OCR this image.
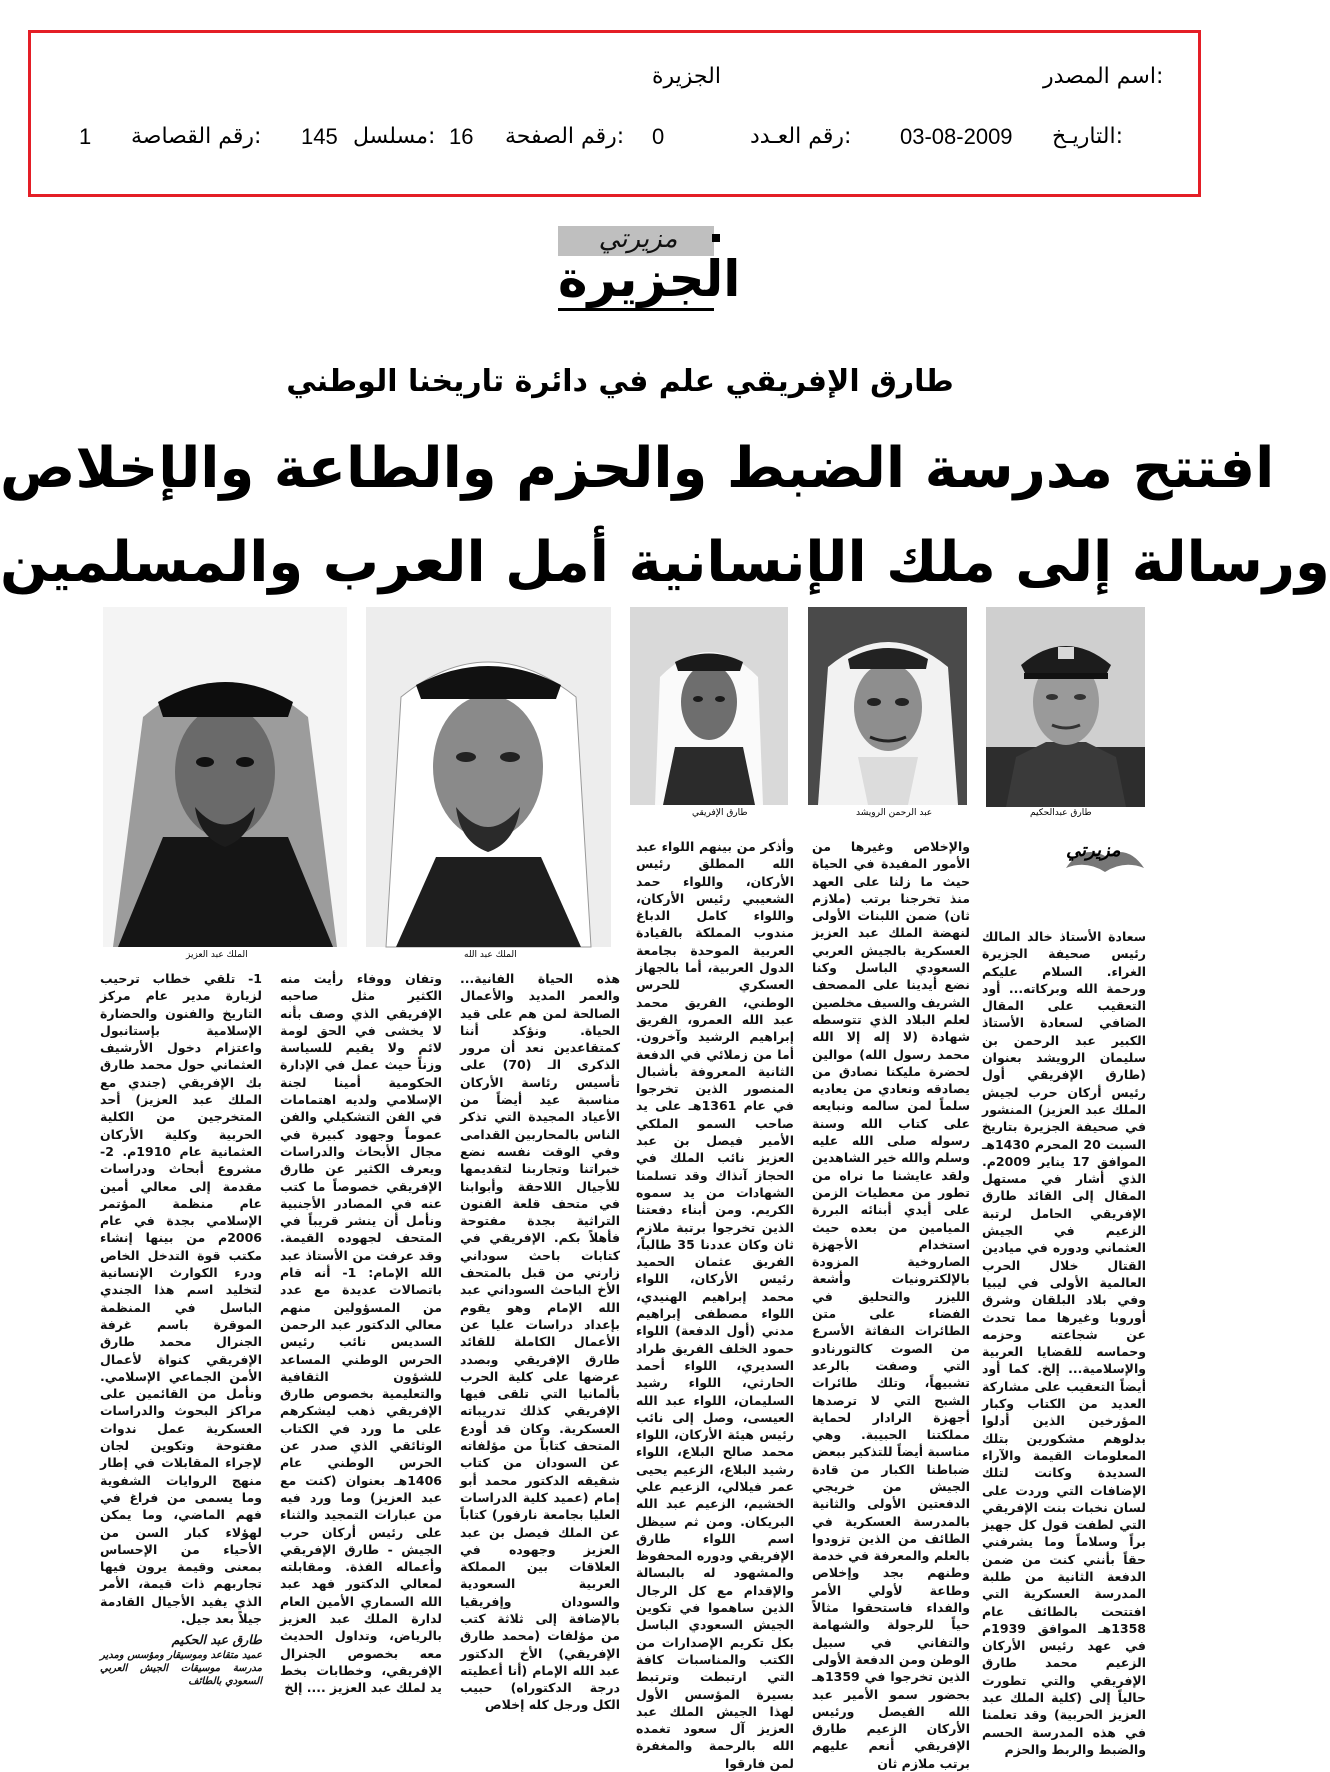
اسم المصدر:
الجزيرة
التاريـخ:
03-08-2009
رقم العـدد:
0
رقم الصفحة:
16
مسلسل:
145
رقم القصاصة:
1
مزيرتي
الجزيرة
طارق الإفريقي علم في دائرة تاريخنا الوطني
افتتح مدرسة الضبط والحزم والطاعة والإخلاص
ورسالة إلى ملك الإنسانية أمل العرب والمسلمين
طارق عبدالحكيم
عبد الرحمن الرويشد
طارق الإفريقي
الملك عبد الله
الملك عبد العزيز
مزيرتي

سعادة الأستاذ خالد المالك رئيس صحيفة الجزيرة الغراء. السلام عليكم ورحمة الله وبركاته... أود التعقيب على المقال الضافي لسعادة الأستاذ الكبير عبد الرحمن بن سليمان الرويشد بعنوان (طارق الإفريقي أول رئيس أركان حرب لجيش الملك عبد العزيز) المنشور في صحيفة الجزيرة بتاريخ السبت 20 المحرم 1430هـ الموافق 17 يناير 2009م. الذي أشار في مستهل المقال إلى القائد طارق الإفريقي الحامل لرتبة الزعيم في الجيش العثماني ودوره في ميادين القتال خلال الحرب العالمية الأولى في ليبيا وفي بلاد البلقان وشرق أوروبا وغيرها مما تحدث عن شجاعته وحزمه وحماسه للقضايا العربية والإسلامية... إلخ. كما أود أيضاً التعقيب على مشاركة العديد من الكتاب وكبار المؤرخين الذين أدلوا بدلوهم مشكورين بتلك المعلومات القيمة والآراء السديدة وكانت لتلك الإضافات التي وردت على لسان نخبات بنت الإفريقي التي لطفت قول كل جهيز براً وسلاماً وما يشرفني حقاً بأنني كنت من ضمن الدفعة الثانية من طلبة المدرسة العسكرية التي افتتحت بالطائف عام 1358هـ الموافق 1939م في عهد رئيس الأركان الزعيم محمد طارق الإفريقي والتي تطورت حالياً إلى (كلية الملك عبد العزيز الحربية) وقد تعلمنا في هذه المدرسة الحسم والضبط والربط والحزم

والإخلاص وغيرها من الأمور المفيدة في الحياة حيث ما زلنا على العهد منذ تخرجنا برتب (ملازم ثان) ضمن اللبنات الأولى لنهضة الملك عبد العزيز العسكرية بالجيش العربي السعودي الباسل وكنا نضع أيدينا على المصحف الشريف والسيف مخلصين لعلم البلاد الذي تتوسطه شهادة (لا إله إلا الله محمد رسول الله) موالين لحضرة مليكنا نصادق من يصادقه ونعادي من يعاديه سلماً لمن سالمه ونبايعه على كتاب الله وسنة رسوله صلى الله عليه وسلم والله خير الشاهدين ولقد عايشنا ما نراه من تطور من معطيات الزمن على أيدي أبنائه البررة الميامين من بعده حيث استخدام الأجهزة الصاروخية المزودة بالإلكترونيات وأشعة الليزر والتحليق في الفضاء على متن الطائرات النفاثة الأسرع من الصوت كالتورنادو التي وصفت بالرعد تشبيهاً، وتلك طائرات الشبح التي لا ترصدها أجهزة الرادار لحماية مملكتنا الحبيبة. وهي مناسبة أيضاً للتذكير ببعض ضباطنا الكبار من قادة الجيش من خريجي الدفعتين الأولى والثانية بالمدرسة العسكرية في الطائف من الذين تزودوا بالعلم والمعرفة في خدمة وطنهم بجد وإخلاص وطاعة لأولي الأمر والفداء فاستحقوا مثالاً حياً للرجولة والشهامة والتفاني في سبيل الوطن ومن الدفعة الأولى الذين تخرجوا في 1359هـ بحضور سمو الأمير عبد الله الفيصل ورئيس الأركان الزعيم طارق الإفريقي أنعم عليهم برتب ملازم ثان

وأذكر من بينهم اللواء عبد الله المطلق رئيس الأركان، واللواء حمد الشعيبي رئيس الأركان، واللواء كامل الدباغ مندوب المملكة بالقيادة العربية الموحدة بجامعة الدول العربية، أما بالجهاز العسكري للحرس الوطني، الفريق محمد عبد الله العمرو، الفريق إبراهيم الرشيد وآخرون. أما من زملائي في الدفعة الثانية المعروفة بأشبال المنصور الذين تخرجوا في عام 1361هـ على يد صاحب السمو الملكي الأمير فيصل بن عبد العزيز نائب الملك في الحجاز آنذاك وقد تسلمنا الشهادات من يد سموه الكريم. ومن أبناء دفعتنا الذين تخرجوا برتبة ملازم ثان وكان عددنا 35 طالباً، الفريق عثمان الحميد رئيس الأركان، اللواء محمد إبراهيم الهنيدي، اللواء مصطفى إبراهيم مدني (أول الدفعة) اللواء حمود الخلف الفريق طراد السديري، اللواء أحمد الحارثي، اللواء رشيد السليمان، اللواء عبد الله العيسى، وصل إلى نائب رئيس هيئة الأركان، اللواء محمد صالح البلاع، اللواء رشيد البلاع، الزعيم يحيى عمر فيلالي، الزعيم علي الخشيم، الزعيم عبد الله البريكان. ومن ثم سيظل اسم اللواء طارق الإفريقي ودوره المحفوظ والمشهود له بالبسالة والإقدام مع كل الرجال الذين ساهموا في تكوين الجيش السعودي الباسل بكل تكريم الإصدارات من الكتب والمناسبات كافة التي ارتبطت وترتبط بسيرة المؤسس الأول لهذا الجيش الملك عبد العزيز آل سعود تغمده الله بالرحمة والمغفرة لمن فارقوا

هذه الحياة الفانية... والعمر المديد والأعمال الصالحة لمن هم على قيد الحياة. ونؤكد أننا كمتقاعدين نعد أن مرور الذكرى الـ (70) على تأسيس رئاسة الأركان مناسبة عيد أيضاً من الأعياد المجيدة التي تذكر الناس بالمحاربين القدامى وفي الوقت نفسه نضع خبراتنا وتجاربنا لتقديمها للأجيال اللاحقة وأبوابنا في متحف قلعة الفنون التراثية بجدة مفتوحة فأهلاً بكم. الإفريقي في كتابات باحث سوداني زارني من قبل بالمتحف الأخ الباحث السوداني عبد الله الإمام وهو يقوم بإعداد دراسات عليا عن الأعمال الكاملة للقائد طارق الإفريقي وبصدد عرضها على كلية الحرب بألمانيا التي تلقى فيها الإفريقي كذلك تدريباته العسكرية. وكان قد أودع المتحف كتاباً من مؤلفاته عن السودان من كتاب شقيقه الدكتور محمد أبو إمام (عميد كلية الدراسات العليا بجامعة نارفور) كتاباً عن الملك فيصل بن عبد العزيز وجهوده في العلاقات بين المملكة العربية السعودية والسودان وإفريقيا بالإضافة إلى ثلاثة كتب من مؤلفات (محمد طارق الإفريقي) الأخ الدكتور عبد الله الإمام (أنا أعطيته درجة الدكتوراه) حبيب الكل ورجل كله إخلاص

وتفان ووفاء رأيت منه الكثير مثل صاحبه الإفريقي الذي وصف بأنه لا يخشى في الحق لومة لائم ولا يقيم للسياسة وزناً حيث عمل في الإدارة الحكومية أمينا لجنة الإسلامي ولديه اهتمامات في الفن التشكيلي والفن عموماً وجهود كبيرة في مجال الأبحاث والدراسات ويعرف الكثير عن طارق الإفريقي خصوصاً ما كتب عنه في المصادر الأجنبية ونأمل أن ينشر قريباً في المتحف لجهوده القيمة. وقد عرفت من الأستاذ عبد الله الإمام: 1- أنه قام باتصالات عديدة مع عدد من المسؤولين منهم معالي الدكتور عبد الرحمن السديس نائب رئيس الحرس الوطني المساعد للشؤون الثقافية والتعليمية بخصوص طارق الإفريقي ذهب ليشكرهم على ما ورد في الكتاب الوثائقي الذي صدر عن الحرس الوطني عام 1406هـ بعنوان (كنت مع عبد العزيز) وما ورد فيه من عبارات التمجيد والثناء على رئيس أركان حرب الجيش - طارق الإفريقي وأعماله الفذة. ومقابلته لمعالي الدكتور فهد عبد الله السماري الأمين العام لدارة الملك عبد العزيز بالرياض، وتداول الحديث معه بخصوص الجنرال الإفريقي، وخطابات بخط يد لملك عبد العزيز .... إلخ

1- تلقي خطاب ترحيب لزيارة مدير عام مركز التاريخ والفنون والحضارة الإسلامية بإستانبول واعتزام دخول الأرشيف العثماني حول محمد طارق بك الإفريقي (جندي مع الملك عبد العزيز) أحد المتخرجين من الكلية الحربية وكلية الأركان العثمانية عام 1910م. 2- مشروع أبحاث ودراسات مقدمة إلى معالي أمين عام منظمة المؤتمر الإسلامي بجدة في عام 2006م من بينها إنشاء مكتب قوة التدخل الخاص ودرء الكوارث الإنسانية لتخليد اسم هذا الجندي الباسل في المنظمة الموقرة باسم غرفة الجنرال محمد طارق الإفريقي كنواة لأعمال الأمن الجماعي الإسلامي. ونأمل من القائمين على مراكز البحوث والدراسات العسكرية عمل ندوات مفتوحة وتكوين لجان لإجراء المقابلات في إطار منهج الروايات الشفوية وما يسمى من فراغ في فهم الماضي، وما يمكن لهؤلاء كبار السن من الأحياء من الإحساس بمعنى وقيمة يرون فيها تجاربهم ذات قيمة، الأمر الذي يفيد الأجيال القادمة جيلاً بعد جيل.

طارق عبد الحكيم

عميد متقاعد وموسيقار ومؤسس ومدير مدرسة موسيقات الجيش العربي السعودي بالطائف
